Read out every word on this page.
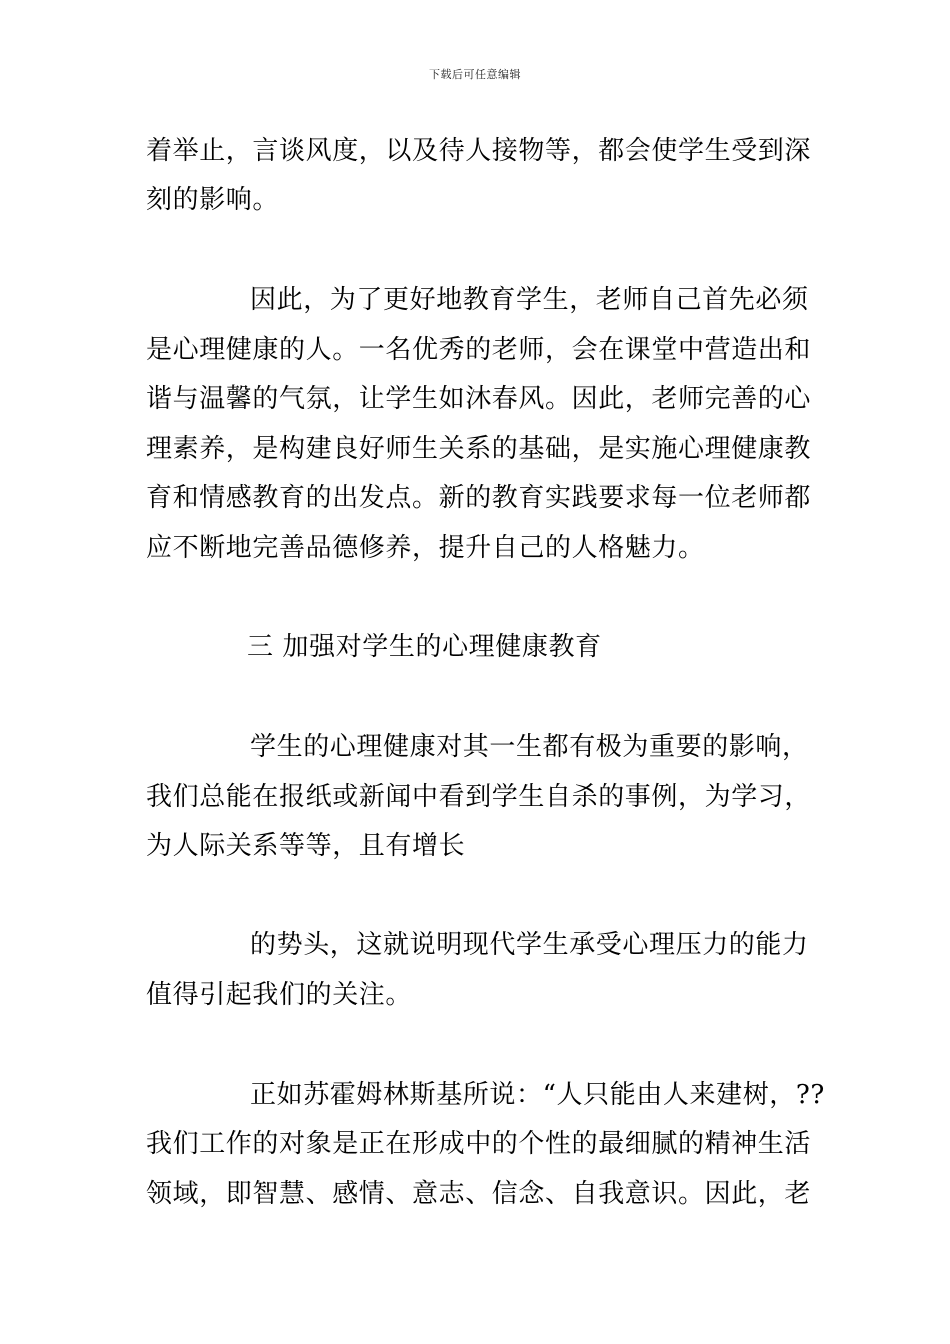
下载后可任意编辑
着举止，言谈风度，以及待人接物等，都会使学生受到深
刻的影响。
因此，为了更好地教育学生，老师自己首先必须
是心理健康的人。一名优秀的老师，会在课堂中营造出和
谐与温馨的气氛，让学生如沐春风。因此，老师完善的心
理素养，是构建良好师生关系的基础，是实施心理健康教
育和情感教育的出发点。新的教育实践要求每一位老师都
应不断地完善品德修养，提升自己的人格魅力。
三 加强对学生的心理健康教育
学生的心理健康对其一生都有极为重要的影响，
我们总能在报纸或新闻中看到学生自杀的事例，为学习，
为人际关系等等，且有增长
的势头，这就说明现代学生承受心理压力的能力
值得引起我们的关注。
正如苏霍姆林斯基所说：“人只能由人来建树，??
我们工作的对象是正在形成中的个性的最细腻的精神生活
领域，即智慧、感情、意志、信念、自我意识。因此，老
